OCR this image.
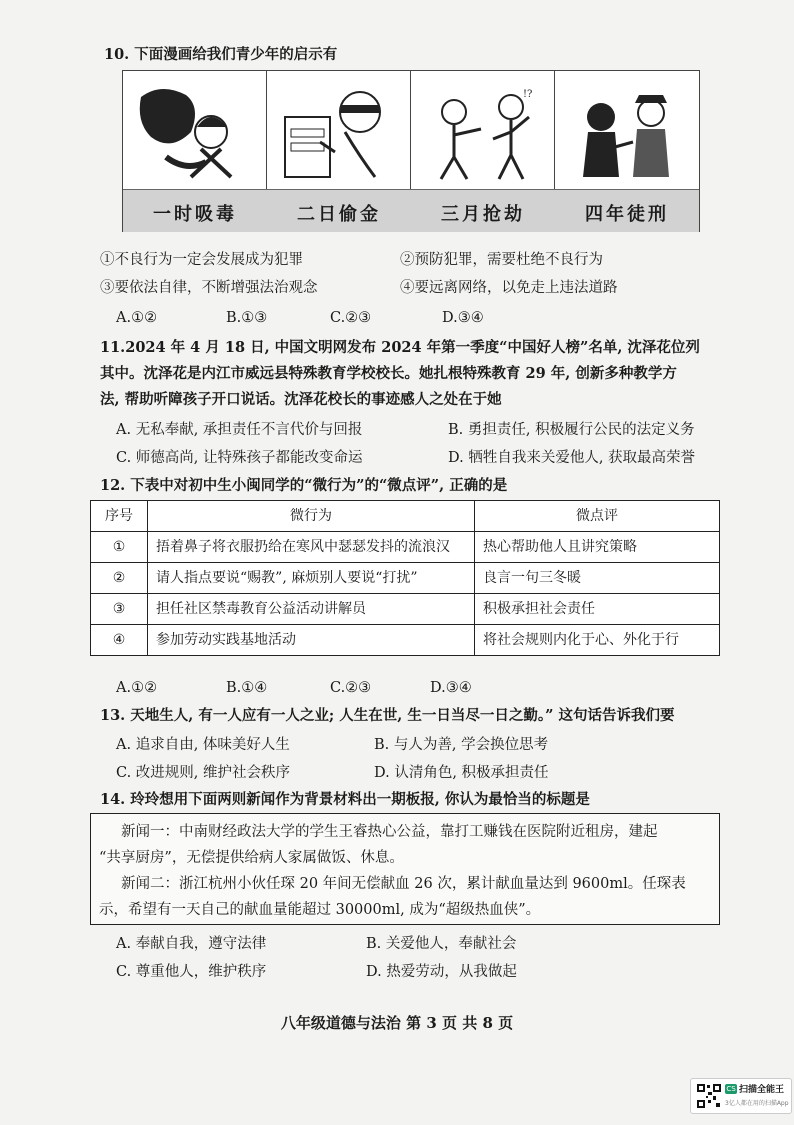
10. 下面漫画给我们青少年的启示有
一时吸毒	二日偷金
!?
三月抢劫	四年徒刑
①不良行为一定会发展成为犯罪	②预防犯罪，需要杜绝不良行为
③要依法自律，不断增强法治观念	④要远离网络，以免走上违法道路
A.①②	B.①③	C.②③	D.③④
11.2024 年 4 月 18 日, 中国文明网发布 2024 年第一季度“中国好人榜”名单, 沈泽花位列
其中。沈泽花是内江市威远县特殊教育学校校长。她扎根特殊教育 29 年, 创新多种教学方
法, 帮助听障孩子开口说话。沈泽花校长的事迹感人之处在于她
A. 无私奉献, 承担责任不言代价与回报	B. 勇担责任, 积极履行公民的法定义务
C. 师德高尚, 让特殊孩子都能改变命运	D. 牺牲自我来关爱他人, 获取最高荣誉
12. 下表中对初中生小闽同学的“微行为”的“微点评”, 正确的是
序号	微行为	微点评
①	捂着鼻子将衣服扔给在寒风中瑟瑟发抖的流浪汉	热心帮助他人且讲究策略
②	请人指点要说“赐教”, 麻烦别人要说“打扰”	良言一句三冬暖
③	担任社区禁毒教育公益活动讲解员	积极承担社会责任
④	参加劳动实践基地活动	将社会规则内化于心、外化于行
A.①②	B.①④	C.②③	D.③④
13. 天地生人, 有一人应有一人之业; 人生在世, 生一日当尽一日之勤。” 这句话告诉我们要
A. 追求自由, 体味美好人生	B. 与人为善, 学会换位思考
C. 改进规则, 维护社会秩序	D. 认清角色, 积极承担责任
14. 玲玲想用下面两则新闻作为背景材料出一期板报, 你认为最恰当的标题是
新闻一：中南财经政法大学的学生王睿热心公益，靠打工赚钱在医院附近租房，建起
“共享厨房”，无偿提供给病人家属做饭、休息。
新闻二：浙江杭州小伙任琛 20 年间无偿献血 26 次，累计献血量达到 9600ml。任琛表
示，希望有一天自己的献血量能超过 30000ml, 成为“超级热血侠”。
A. 奉献自我，遵守法律	B. 关爱他人，奉献社会
C. 尊重他人，维护秩序	D. 热爱劳动，从我做起
八年级道德与法治 第 3 页 共 8 页
CS 扫描全能王
3亿人都在用的扫描App
